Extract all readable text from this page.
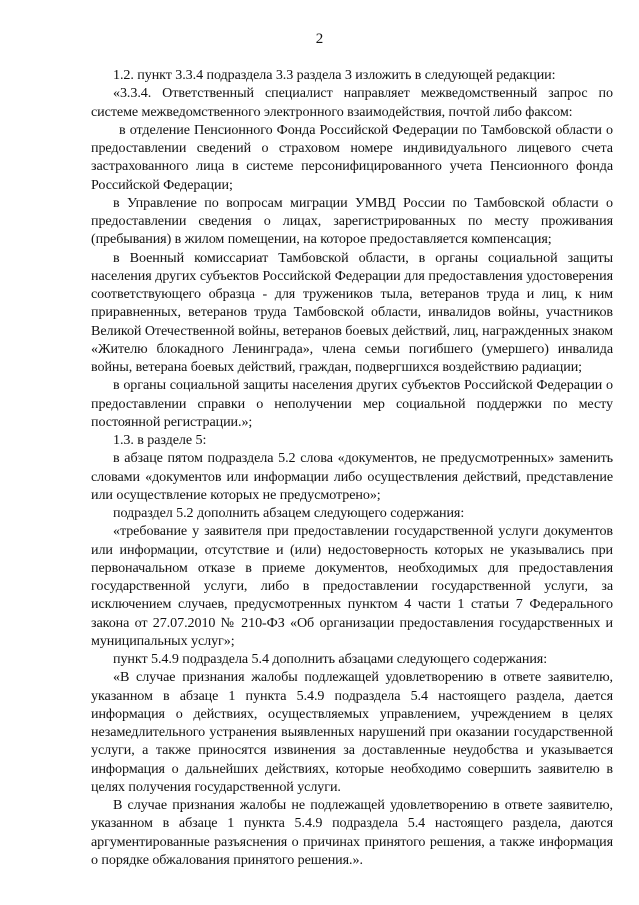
2

1.2. пункт 3.3.4 подраздела 3.3 раздела 3 изложить в следующей редакции:

«3.3.4. Ответственный специалист направляет межведомственный запрос по системе межведомственного электронного взаимодействия, почтой либо факсом:

в отделение Пенсионного Фонда Российской Федерации по Тамбовской области о предоставлении сведений о страховом номере индивидуального лицевого счета застрахованного лица в системе персонифицированного учета Пенсионного фонда Российской Федерации;

в Управление по вопросам миграции УМВД России по Тамбовской области о предоставлении сведения о лицах, зарегистрированных по месту проживания (пребывания) в жилом помещении, на которое предоставляется компенсация;

в Военный комиссариат Тамбовской области, в органы социальной защиты населения других субъектов Российской Федерации для предоставления удостоверения соответствующего образца - для тружеников тыла, ветеранов труда и лиц, к ним приравненных, ветеранов труда Тамбовской области, инвалидов войны, участников Великой Отечественной войны, ветеранов боевых действий, лиц, награжденных знаком «Жителю блокадного Ленинграда», члена семьи погибшего (умершего) инвалида войны, ветерана боевых действий, граждан, подвергшихся воздействию радиации;

в органы социальной защиты населения других субъектов Российской Федерации о предоставлении справки о неполучении мер социальной поддержки по месту постоянной регистрации.»;

1.3. в разделе 5:

в абзаце пятом подраздела 5.2 слова «документов, не предусмотренных» заменить словами «документов или информации либо осуществления действий, представление или осуществление которых не предусмотрено»;

подраздел 5.2 дополнить абзацем следующего содержания:

«требование у заявителя при предоставлении государственной услуги документов или информации, отсутствие и (или) недостоверность которых не указывались при первоначальном отказе в приеме документов, необходимых для предоставления государственной услуги, либо в предоставлении государственной услуги, за исключением случаев, предусмотренных пунктом 4 части 1 статьи 7 Федерального закона от 27.07.2010 № 210-ФЗ «Об организации предоставления государственных и муниципальных услуг»;

пункт 5.4.9 подраздела 5.4 дополнить абзацами следующего содержания:

«В случае признания жалобы подлежащей удовлетворению в ответе заявителю, указанном в абзаце 1 пункта 5.4.9 подраздела 5.4 настоящего раздела, дается информация о действиях, осуществляемых управлением, учреждением в целях незамедлительного устранения выявленных нарушений при оказании государственной услуги, а также приносятся извинения за доставленные неудобства и указывается информация о дальнейших действиях, которые необходимо совершить заявителю в целях получения государственной услуги.

В случае признания жалобы не подлежащей удовлетворению в ответе заявителю, указанном в абзаце 1 пункта 5.4.9 подраздела 5.4 настоящего раздела, даются аргументированные разъяснения о причинах принятого решения, а также информация о порядке обжалования принятого решения.».
